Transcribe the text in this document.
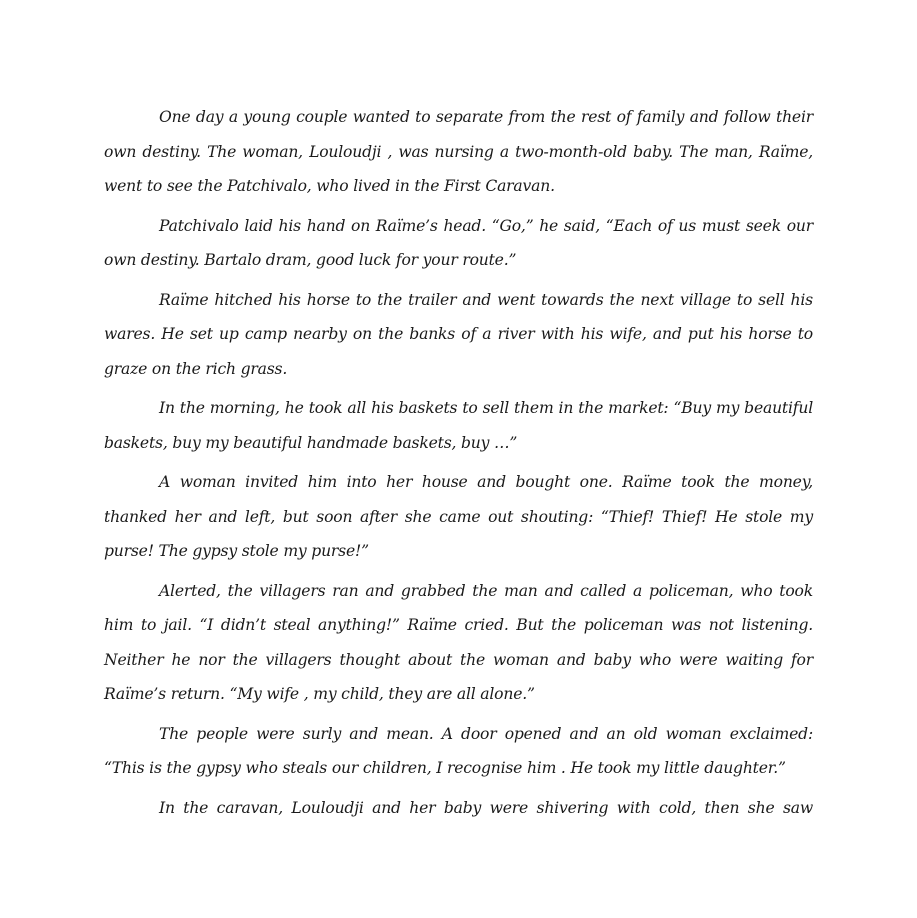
One day a young couple wanted to separate from the rest of family and follow their own destiny. The woman, Louloudji , was nursing a two-month-old baby. The man, Raïme, went to see the Patchivalo, who lived in the First Caravan.

Patchivalo laid his hand on Raïme’s head. “Go,” he said, “Each of us must seek our own destiny. Bartalo dram, good luck for your route.”

Raïme hitched his horse to the trailer and went towards the next village to sell his wares. He set up camp nearby on the banks of a river with his wife, and put his horse to graze on the rich grass.

In the morning, he took all his baskets to sell them in the market: “Buy my beautiful baskets, buy my beautiful handmade baskets, buy …”

A woman invited him into her house and bought one. Raïme took the money, thanked her and left, but soon after she came out shouting: “Thief! Thief! He stole my purse! The gypsy stole my purse!”

Alerted, the villagers ran and grabbed the man and called a policeman, who took him to jail. “I didn’t steal anything!” Raïme cried. But the policeman was not listening. Neither he nor the villagers thought about the woman and baby who were waiting for Raïme’s return. “My wife , my child, they are all alone.”

The people were surly and mean. A door opened and an old woman exclaimed: “This is the gypsy who steals our children, I recognise him . He took my little daughter.”

In the caravan, Louloudji and her baby were shivering with cold, then she saw
